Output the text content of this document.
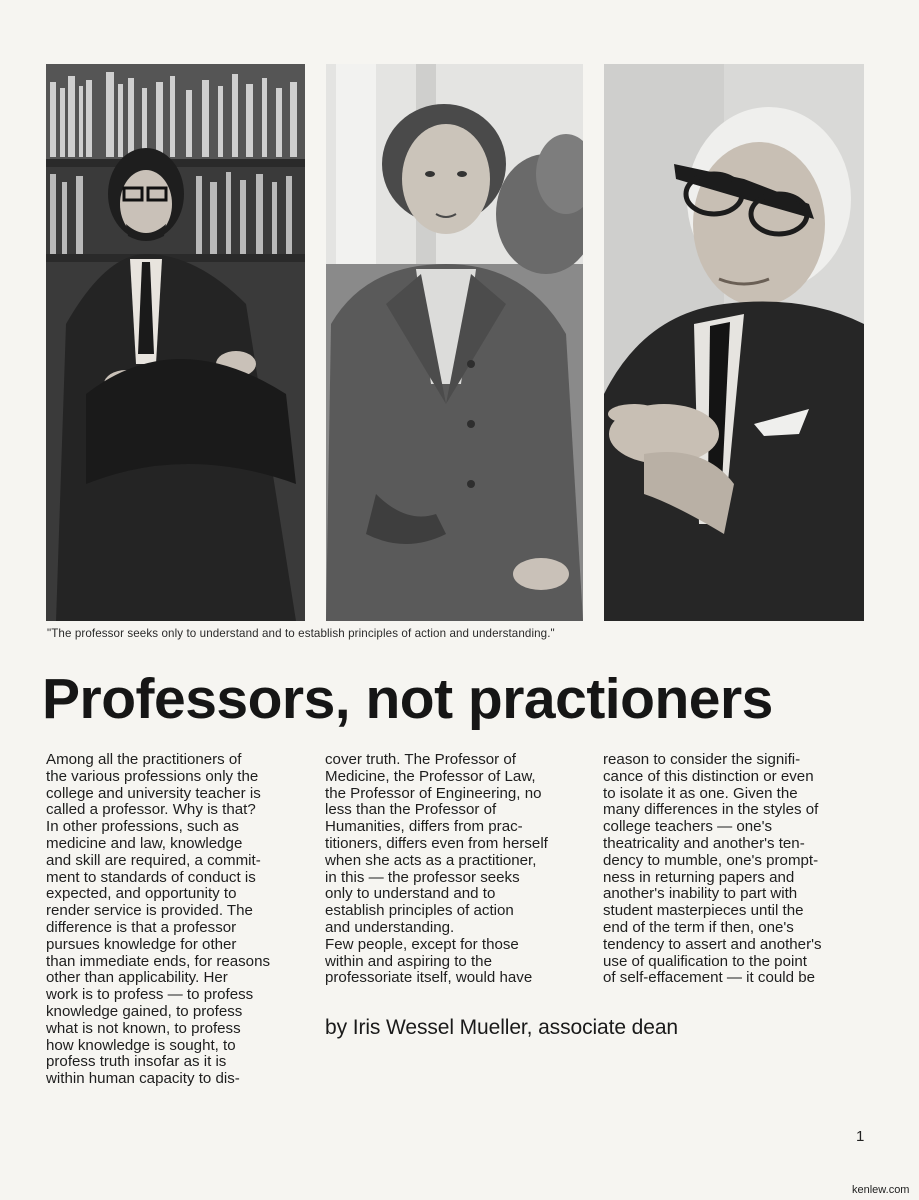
"The professor seeks only to understand and to establish principles of action and understanding."
Professors, not practioners

Among all the practitioners of
the various professions only the
college and university teacher is
called a professor. Why is that?
In other professions, such as
medicine and law, knowledge
and skill are required, a commit-
ment to standards of conduct is
expected, and opportunity to
render service is provided. The
difference is that a professor
pursues knowledge for other
than immediate ends, for reasons
other than applicability. Her
work is to profess — to profess
knowledge gained, to profess
what is not known, to profess
how knowledge is sought, to
profess truth insofar as it is
within human capacity to dis-

cover truth. The Professor of
Medicine, the Professor of Law,
the Professor of Engineering, no
less than the Professor of
Humanities, differs from prac-
titioners, differs even from herself
when she acts as a practitioner,
in this — the professor seeks
only to understand and to
establish principles of action
and understanding.
Few people, except for those
within and aspiring to the
professoriate itself, would have

reason to consider the signifi-
cance of this distinction or even
to isolate it as one. Given the
many differences in the styles of
college teachers — one's
theatricality and another's ten-
dency to mumble, one's prompt-
ness in returning papers and
another's inability to part with
student masterpieces until the
end of the term if then, one's
tendency to assert and another's
use of qualification to the point
of self-effacement — it could be

by Iris Wessel Mueller, associate dean
1
kenlew.com
